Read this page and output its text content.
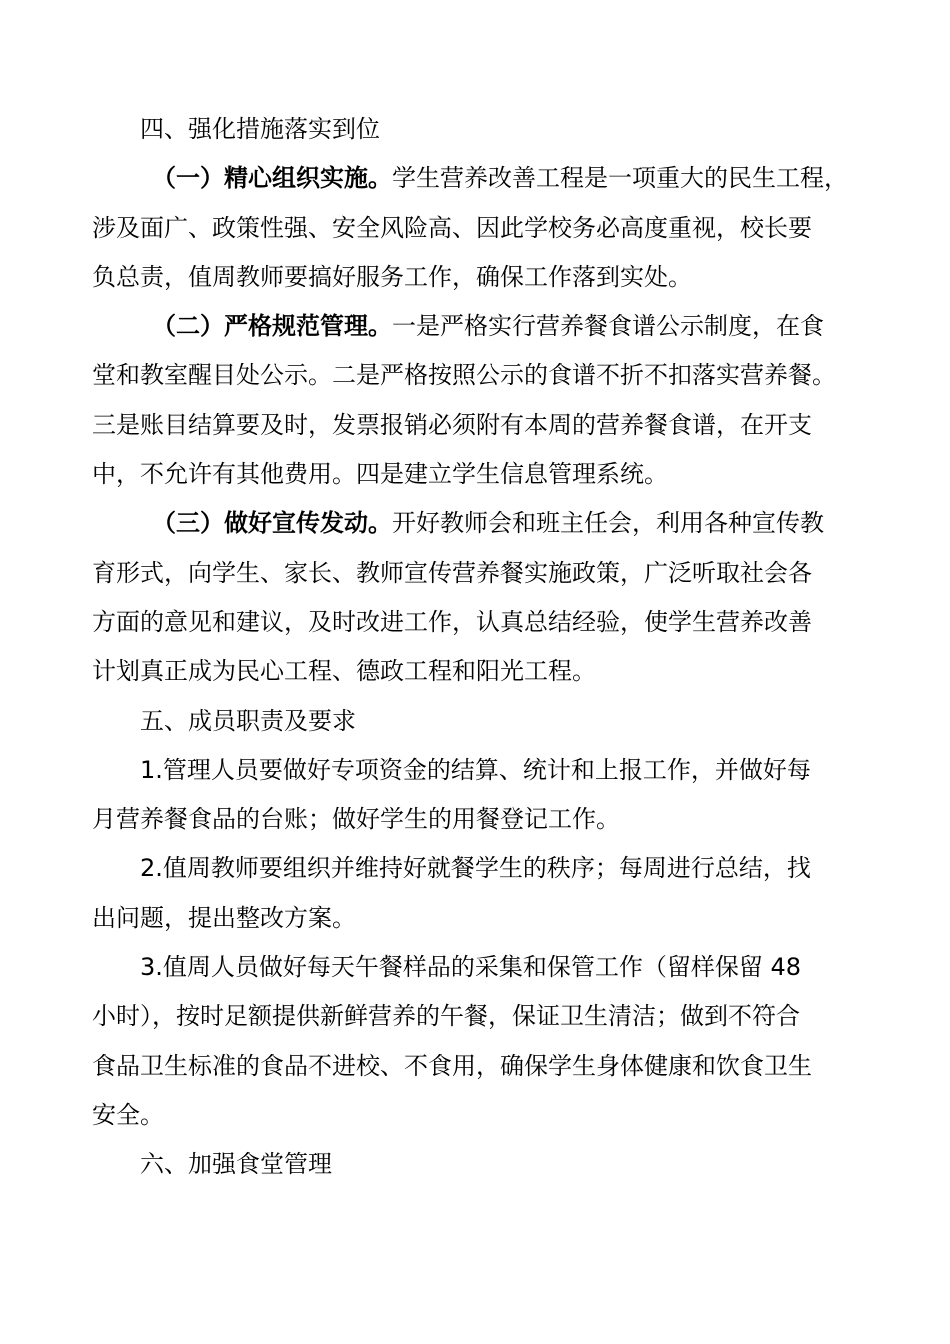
四、强化措施落实到位
（一）精心组织实施。学生营养改善工程是一项重大的民生工程，
涉及面广、政策性强、安全风险高、因此学校务必高度重视，校长要
负总责，值周教师要搞好服务工作，确保工作落到实处。
（二）严格规范管理。一是严格实行营养餐食谱公示制度，在食
堂和教室醒目处公示。二是严格按照公示的食谱不折不扣落实营养餐。
三是账目结算要及时，发票报销必须附有本周的营养餐食谱，在开支
中，不允许有其他费用。四是建立学生信息管理系统。
（三）做好宣传发动。开好教师会和班主任会，利用各种宣传教
育形式，向学生、家长、教师宣传营养餐实施政策，广泛听取社会各
方面的意见和建议，及时改进工作，认真总结经验，使学生营养改善
计划真正成为民心工程、德政工程和阳光工程。
五、成员职责及要求
1.管理人员要做好专项资金的结算、统计和上报工作，并做好每
月营养餐食品的台账；做好学生的用餐登记工作。
2.值周教师要组织并维持好就餐学生的秩序；每周进行总结，找
出问题，提出整改方案。
3.值周人员做好每天午餐样品的采集和保管工作（留样保留 48
小时），按时足额提供新鲜营养的午餐，保证卫生清洁；做到不符合
食品卫生标准的食品不进校、不食用，确保学生身体健康和饮食卫生
安全。
六、加强食堂管理
